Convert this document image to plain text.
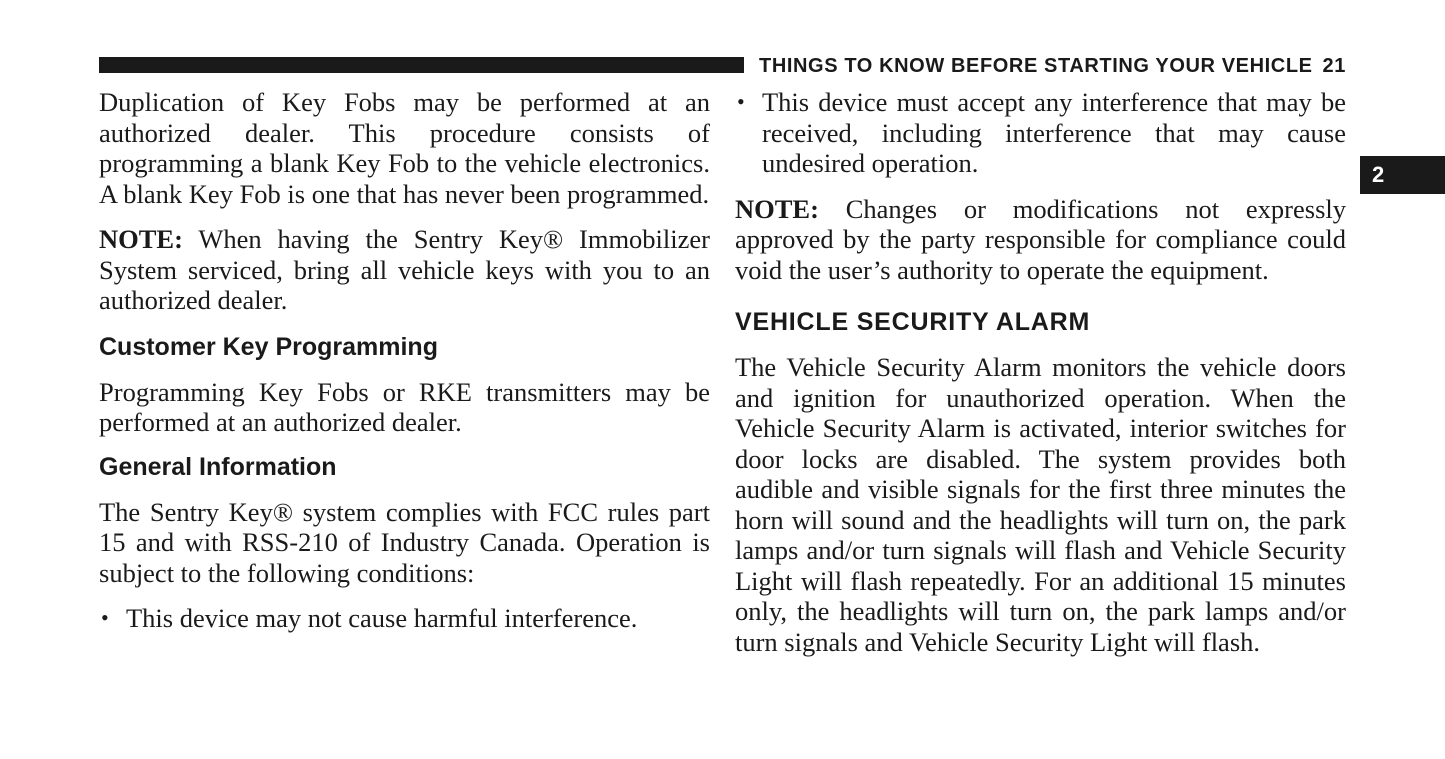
THINGS TO KNOW BEFORE STARTING YOUR VEHICLE 21
2

Duplication of Key Fobs may be performed at an authorized dealer. This procedure consists of programming a blank Key Fob to the vehicle electronics. A blank Key Fob is one that has never been programmed.

NOTE: When having the Sentry Key® Immobilizer System serviced, bring all vehicle keys with you to an authorized dealer.

Customer Key Programming

Programming Key Fobs or RKE transmitters may be performed at an authorized dealer.

General Information

The Sentry Key® system complies with FCC rules part 15 and with RSS-210 of Industry Canada. Operation is subject to the following conditions:

• This device may not cause harmful interference.

• This device must accept any interference that may be received, including interference that may cause undesired operation.

NOTE: Changes or modifications not expressly approved by the party responsible for compliance could void the user’s authority to operate the equipment.

VEHICLE SECURITY ALARM

The Vehicle Security Alarm monitors the vehicle doors and ignition for unauthorized operation. When the Vehicle Security Alarm is activated, interior switches for door locks are disabled. The system provides both audible and visible signals for the first three minutes the horn will sound and the headlights will turn on, the park lamps and/or turn signals will flash and Vehicle Security Light will flash repeatedly. For an additional 15 minutes only, the headlights will turn on, the park lamps and/or turn signals and Vehicle Security Light will flash.
